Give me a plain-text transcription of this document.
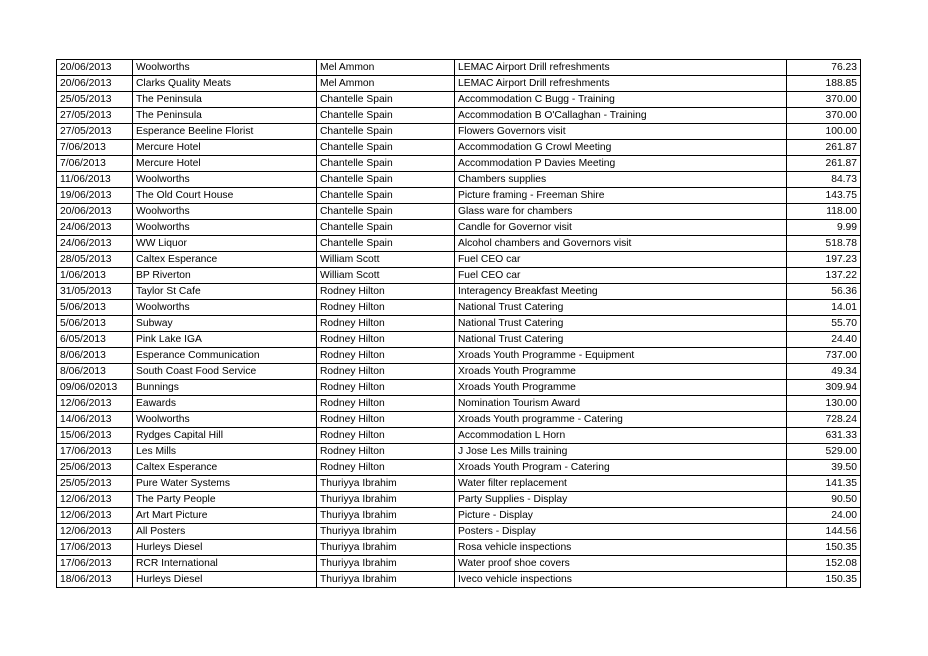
20/06/2013	Woolworths	Mel Ammon	LEMAC Airport Drill refreshments	76.23
20/06/2013	Clarks Quality Meats	Mel Ammon	LEMAC Airport Drill refreshments	188.85
25/05/2013	The Peninsula	Chantelle Spain	Accommodation C Bugg - Training	370.00
27/05/2013	The Peninsula	Chantelle Spain	Accommodation B O'Callaghan - Training	370.00
27/05/2013	Esperance Beeline Florist	Chantelle Spain	Flowers Governors visit	100.00
7/06/2013	Mercure Hotel	Chantelle Spain	Accommodation G Crowl Meeting	261.87
7/06/2013	Mercure Hotel	Chantelle Spain	Accommodation P Davies Meeting	261.87
11/06/2013	Woolworths	Chantelle Spain	Chambers supplies	84.73
19/06/2013	The Old Court House	Chantelle Spain	Picture framing - Freeman Shire	143.75
20/06/2013	Woolworths	Chantelle Spain	Glass ware for chambers	118.00
24/06/2013	Woolworths	Chantelle Spain	Candle for Governor visit	9.99
24/06/2013	WW Liquor	Chantelle Spain	Alcohol chambers and Governors visit	518.78
28/05/2013	Caltex Esperance	William Scott	Fuel CEO car	197.23
1/06/2013	BP Riverton	William Scott	Fuel CEO car	137.22
31/05/2013	Taylor St Cafe	Rodney Hilton	Interagency Breakfast Meeting	56.36
5/06/2013	Woolworths	Rodney Hilton	National Trust Catering	14.01
5/06/2013	Subway	Rodney Hilton	National Trust Catering	55.70
6/05/2013	Pink Lake IGA	Rodney Hilton	National Trust Catering	24.40
8/06/2013	Esperance Communication	Rodney Hilton	Xroads Youth Programme - Equipment	737.00
8/06/2013	South Coast Food Service	Rodney Hilton	Xroads Youth Programme	49.34
09/06/02013	Bunnings	Rodney Hilton	Xroads Youth Programme	309.94
12/06/2013	Eawards	Rodney Hilton	Nomination Tourism Award	130.00
14/06/2013	Woolworths	Rodney Hilton	Xroads Youth programme - Catering	728.24
15/06/2013	Rydges Capital Hill	Rodney Hilton	Accommodation L Horn	631.33
17/06/2013	Les Mills	Rodney Hilton	J Jose Les Mills training	529.00
25/06/2013	Caltex Esperance	Rodney Hilton	Xroads Youth Program - Catering	39.50
25/05/2013	Pure Water Systems	Thuriyya Ibrahim	Water filter replacement	141.35
12/06/2013	The Party People	Thuriyya Ibrahim	Party Supplies - Display	90.50
12/06/2013	Art Mart Picture	Thuriyya Ibrahim	Picture - Display	24.00
12/06/2013	All Posters	Thuriyya Ibrahim	Posters - Display	144.56
17/06/2013	Hurleys Diesel	Thuriyya Ibrahim	Rosa vehicle inspections	150.35
17/06/2013	RCR International	Thuriyya Ibrahim	Water proof shoe covers	152.08
18/06/2013	Hurleys Diesel	Thuriyya Ibrahim	Iveco vehicle inspections	150.35
